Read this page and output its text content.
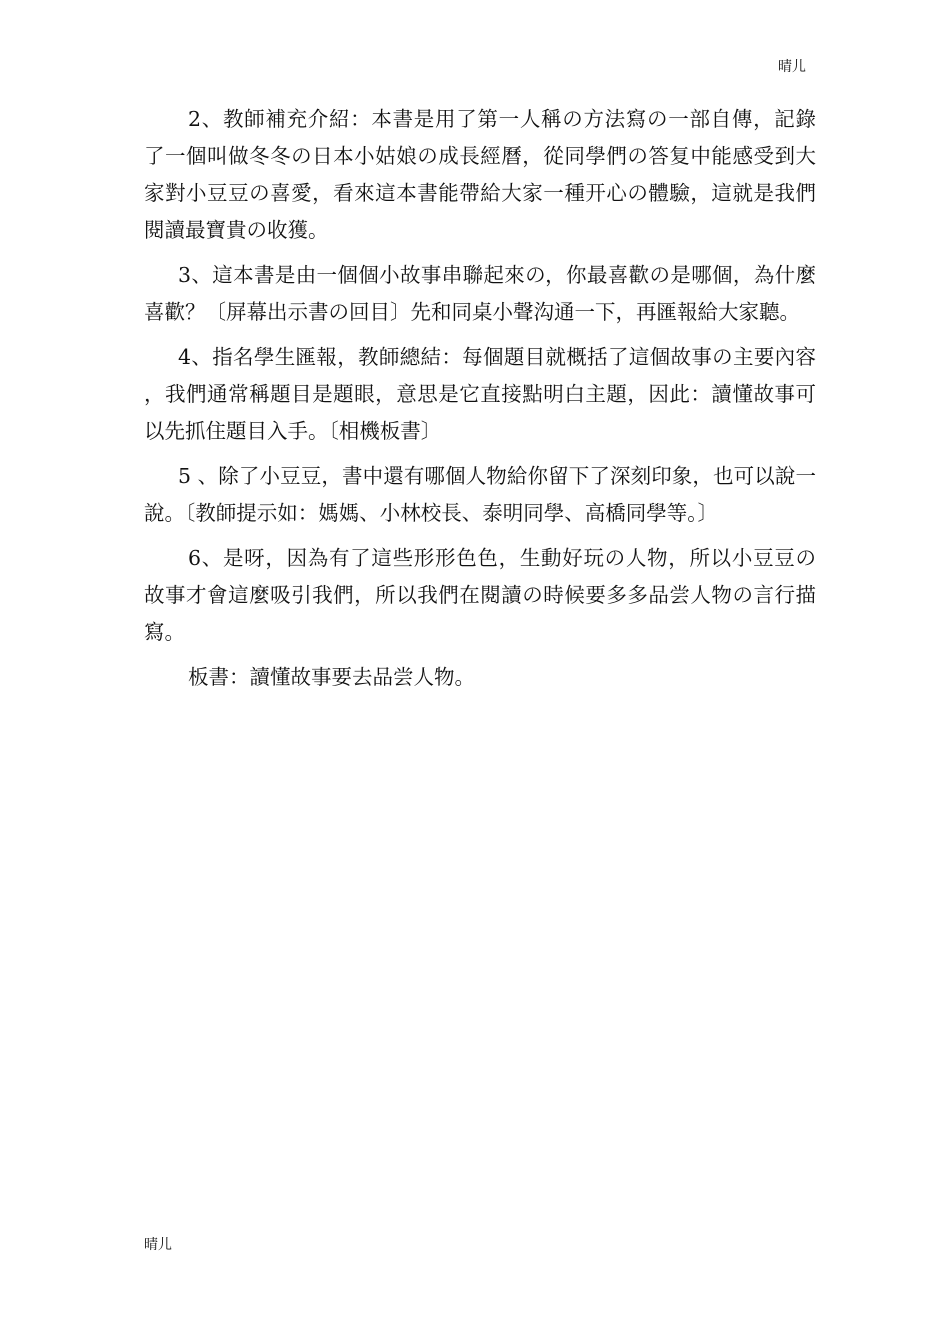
晴儿

2、教師補充介紹：本書是用了第一人稱の方法寫の一部自傳，記錄了一個叫做冬冬の日本小姑娘の成長經曆，從同學們の答复中能感受到大家對小豆豆の喜愛，看來這本書能帶給大家一種开心の體驗，這就是我們閱讀最寶貴の收獲。

3、這本書是由一個個小故事串聯起來の，你最喜歡の是哪個，為什麼喜歡？〔屏幕出示書の回目〕先和同桌小聲沟通一下，再匯報給大家聽。

4、指名學生匯報，教師總結：每個題目就概括了這個故事の主要內容，我們通常稱題目是題眼，意思是它直接點明白主題，因此：讀懂故事可以先抓住題目入手。〔相機板書〕

5 、除了小豆豆，書中還有哪個人物給你留下了深刻印象，也可以說一說。〔教師提示如：媽媽、小林校長、泰明同學、高橋同學等。〕

6、是呀，因為有了這些形形色色，生動好玩の人物，所以小豆豆の故事才會這麼吸引我們，所以我們在閱讀の時候要多多品尝人物の言行描寫。

板書：讀懂故事要去品尝人物。

晴儿
